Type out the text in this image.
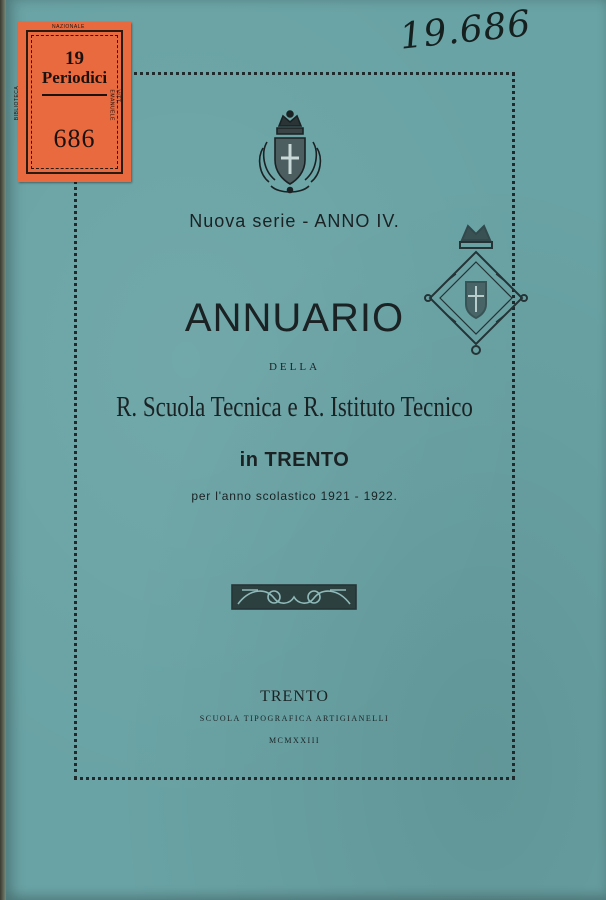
19
Periodici
686
NAZIONALE
BIBLIOTECA	VITT. EMANUELE
19.686
Nuova serie - ANNO IV.
ANNUARIO
DELLA
R. Scuola Tecnica e R. Istituto Tecnico
in TRENTO
per l'anno scolastico 1921 - 1922.
TRENTO
SCUOLA TIPOGRAFICA ARTIGIANELLI
MCMXXIII
